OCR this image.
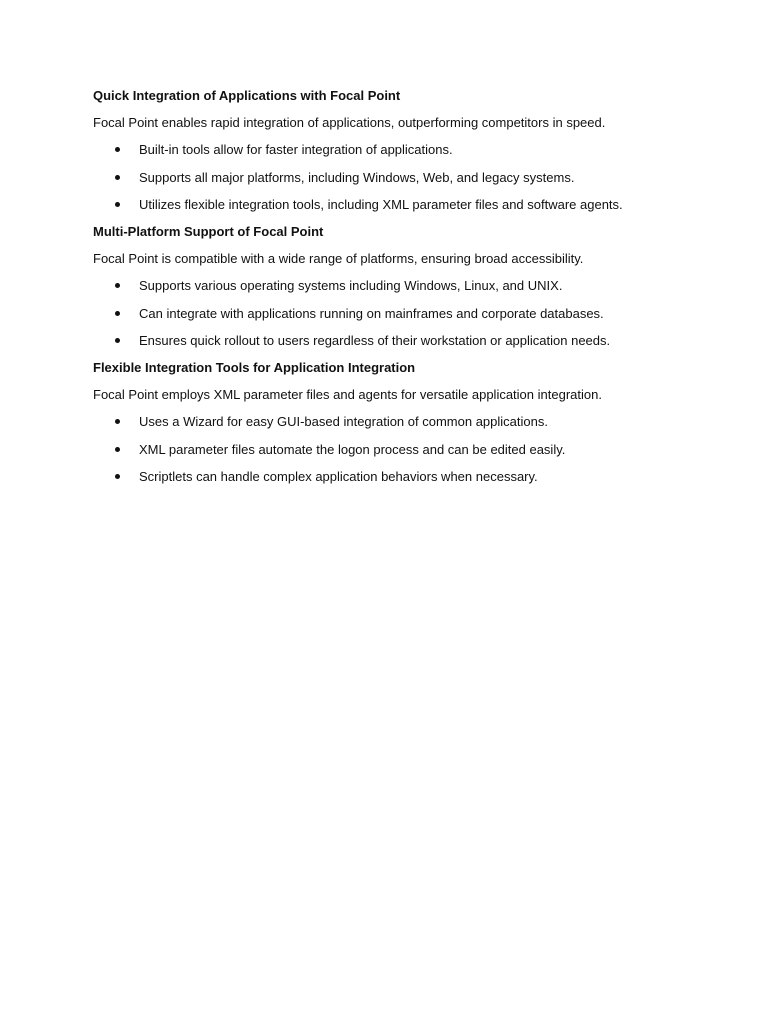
Quick Integration of Applications with Focal Point
Focal Point enables rapid integration of applications, outperforming competitors in speed.
Built-in tools allow for faster integration of applications.
Supports all major platforms, including Windows, Web, and legacy systems.
Utilizes flexible integration tools, including XML parameter files and software agents.
Multi-Platform Support of Focal Point
Focal Point is compatible with a wide range of platforms, ensuring broad accessibility.
Supports various operating systems including Windows, Linux, and UNIX.
Can integrate with applications running on mainframes and corporate databases.
Ensures quick rollout to users regardless of their workstation or application needs.
Flexible Integration Tools for Application Integration
Focal Point employs XML parameter files and agents for versatile application integration.
Uses a Wizard for easy GUI-based integration of common applications.
XML parameter files automate the logon process and can be edited easily.
Scriptlets can handle complex application behaviors when necessary.
